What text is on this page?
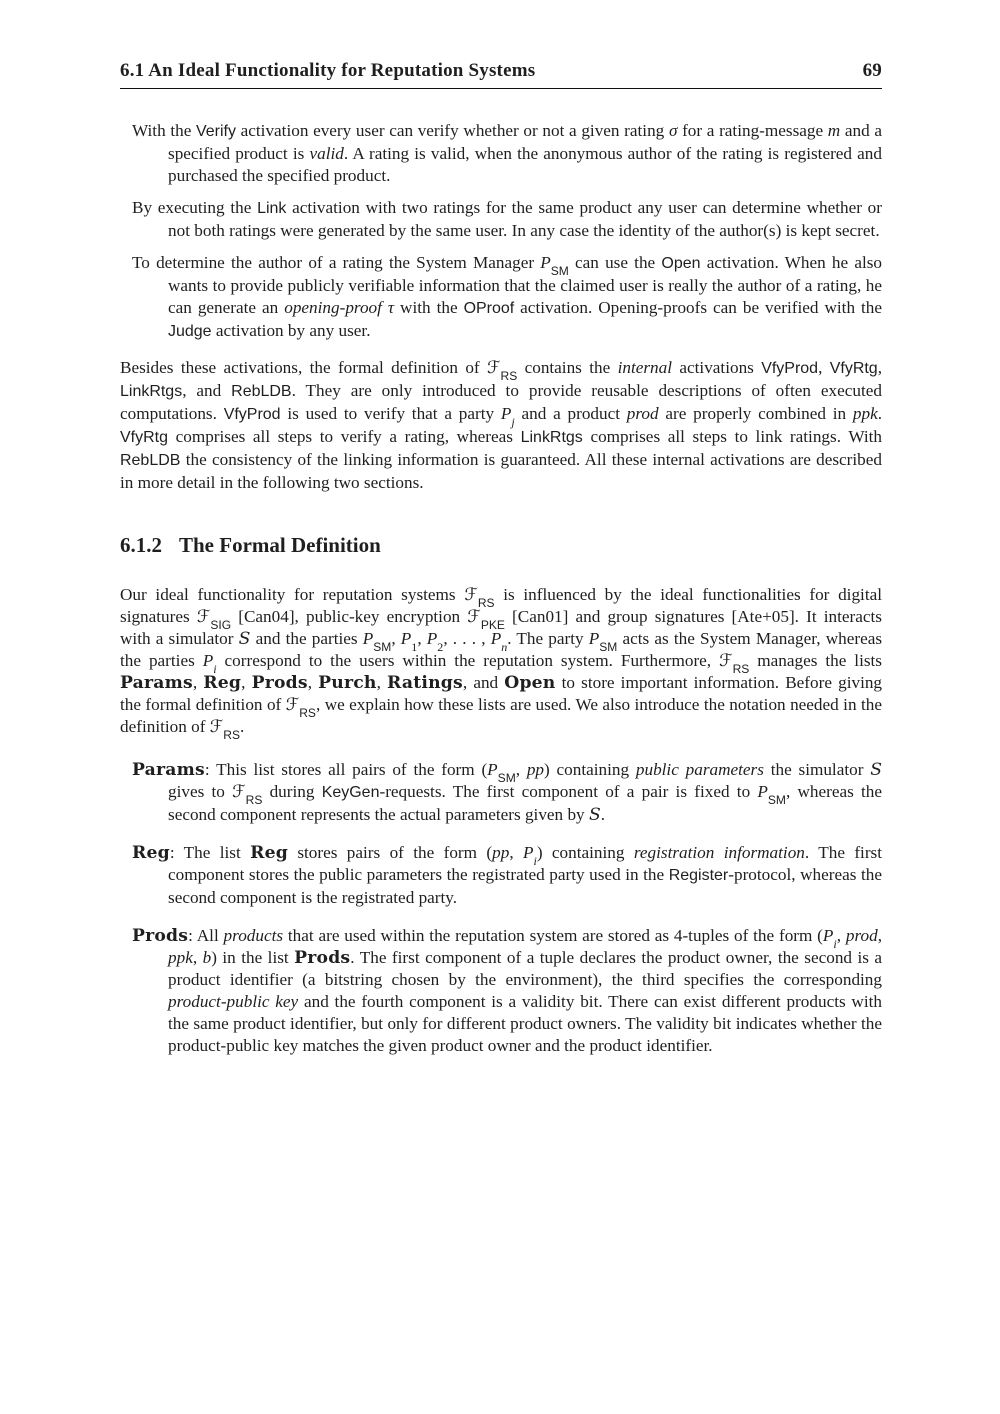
6.1 An Ideal Functionality for Reputation Systems	69

With the Verify activation every user can verify whether or not a given rating σ for a rating-message m and a specified product is valid. A rating is valid, when the anonymous author of the rating is registered and purchased the specified product.

By executing the Link activation with two ratings for the same product any user can determine whether or not both ratings were generated by the same user. In any case the identity of the author(s) is kept secret.

To determine the author of a rating the System Manager $P_{SM}$ can use the Open activation. When he also wants to provide publicly verifiable information that the claimed user is really the author of a rating, he can generate an opening-proof τ with the OProof activation. Opening-proofs can be verified with the Judge activation by any user.

Besides these activations, the formal definition of ℱ$_{RS}$ contains the internal activations VfyProd, VfyRtg, LinkRtgs, and RebLDB. They are only introduced to provide reusable descriptions of often executed computations. VfyProd is used to verify that a party $P_j$ and a product prod are properly combined in ppk. VfyRtg comprises all steps to verify a rating, whereas LinkRtgs comprises all steps to link ratings. With RebLDB the consistency of the linking information is guaranteed. All these internal activations are described in more detail in the following two sections.

6.1.2 The Formal Definition

Our ideal functionality for reputation systems ℱ$_{RS}$ is influenced by the ideal functionalities for digital signatures ℱ$_{SIG}$ [Can04], public-key encryption ℱ$_{PKE}$ [Can01] and group signatures [Ate+05]. It interacts with a simulator S and the parties $P_{SM}$, $P_1$, $P_2$, . . . , $P_n$. The party $P_{SM}$ acts as the System Manager, whereas the parties $P_i$ correspond to the users within the reputation system. Furthermore, ℱ$_{RS}$ manages the lists Params, Reg, Prods, Purch, Ratings, and Open to store important information. Before giving the formal definition of ℱ$_{RS}$, we explain how these lists are used. We also introduce the notation needed in the definition of ℱ$_{RS}$.

Params: This list stores all pairs of the form ($P_{SM}$, pp) containing public parameters the simulator S gives to ℱ$_{RS}$ during KeyGen-requests. The first component of a pair is fixed to $P_{SM}$, whereas the second component represents the actual parameters given by S.

Reg: The list Reg stores pairs of the form (pp, $P_i$) containing registration information. The first component stores the public parameters the registrated party used in the Register-protocol, whereas the second component is the registrated party.

Prods: All products that are used within the reputation system are stored as 4-tuples of the form ($P_i$, prod, ppk, b) in the list Prods. The first component of a tuple declares the product owner, the second is a product identifier (a bitstring chosen by the environment), the third specifies the corresponding product-public key and the fourth component is a validity bit. There can exist different products with the same product identifier, but only for different product owners. The validity bit indicates whether the product-public key matches the given product owner and the product identifier.
